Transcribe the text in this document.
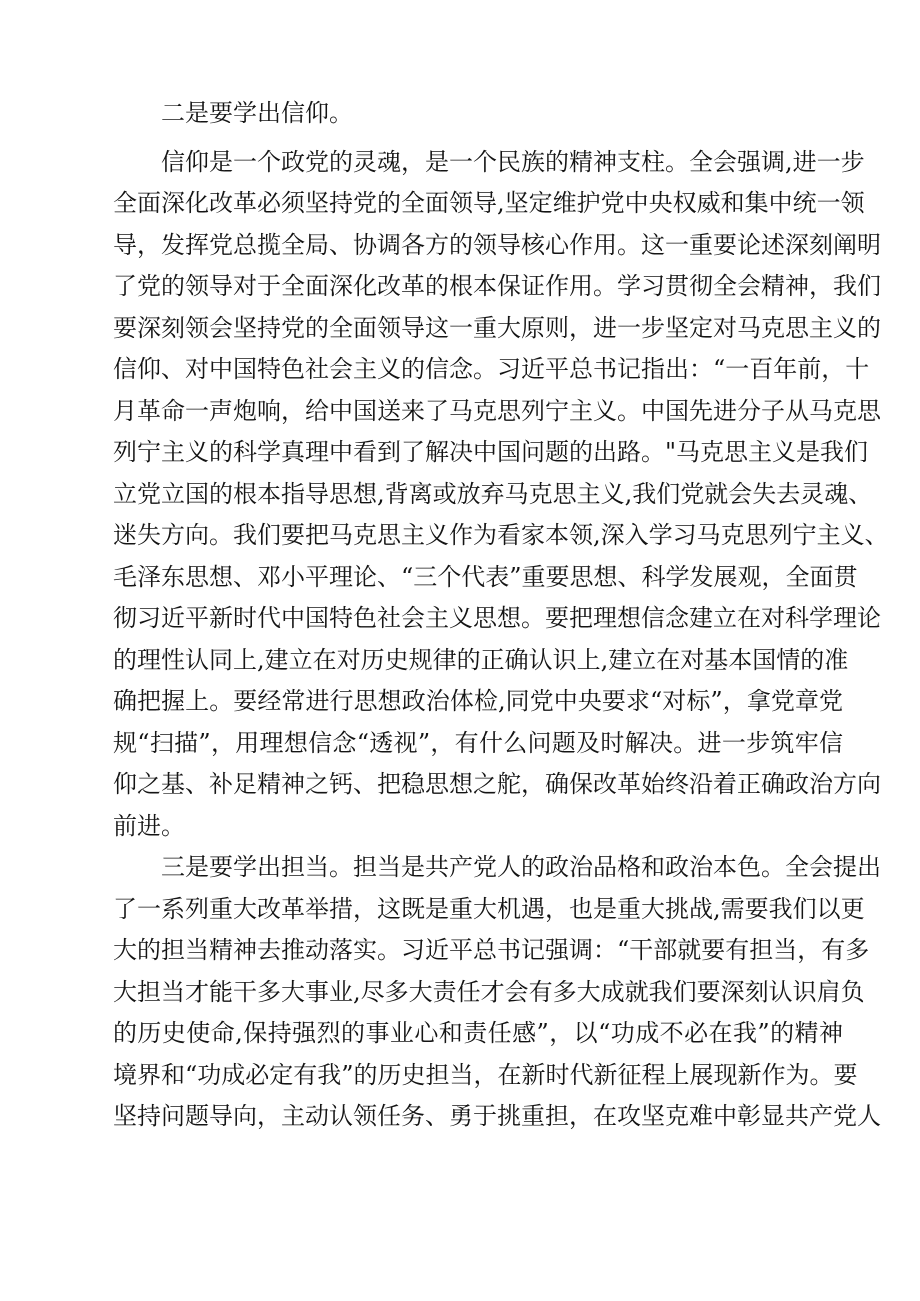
二是要学出信仰。
信仰是一个政党的灵魂，是一个民族的精神支柱。全会强调,进一步
全面深化改革必须坚持党的全面领导,坚定维护党中央权威和集中统一领
导，发挥党总揽全局、协调各方的领导核心作用。这一重要论述深刻阐明
了党的领导对于全面深化改革的根本保证作用。学习贯彻全会精神，我们
要深刻领会坚持党的全面领导这一重大原则，进一步坚定对马克思主义的
信仰、对中国特色社会主义的信念。习近平总书记指出：“一百年前，十
月革命一声炮响，给中国送来了马克思列宁主义。中国先进分子从马克思
列宁主义的科学真理中看到了解决中国问题的出路。"马克思主义是我们
立党立国的根本指导思想,背离或放弃马克思主义,我们党就会失去灵魂、
迷失方向。我们要把马克思主义作为看家本领,深入学习马克思列宁主义、
毛泽东思想、邓小平理论、“三个代表”重要思想、科学发展观，全面贯
彻习近平新时代中国特色社会主义思想。要把理想信念建立在对科学理论
的理性认同上,建立在对历史规律的正确认识上,建立在对基本国情的准
确把握上。要经常进行思想政治体检,同党中央要求“对标”，拿党章党
规“扫描”，用理想信念“透视”，有什么问题及时解决。进一步筑牢信
仰之基、补足精神之钙、把稳思想之舵，确保改革始终沿着正确政治方向
前进。
三是要学出担当。担当是共产党人的政治品格和政治本色。全会提出
了一系列重大改革举措，这既是重大机遇，也是重大挑战,需要我们以更
大的担当精神去推动落实。习近平总书记强调：“干部就要有担当，有多
大担当才能干多大事业,尽多大责任才会有多大成就我们要深刻认识肩负
的历史使命,保持强烈的事业心和责任感”，以“功成不必在我”的精神
境界和“功成必定有我”的历史担当，在新时代新征程上展现新作为。要
坚持问题导向，主动认领任务、勇于挑重担，在攻坚克难中彰显共产党人
